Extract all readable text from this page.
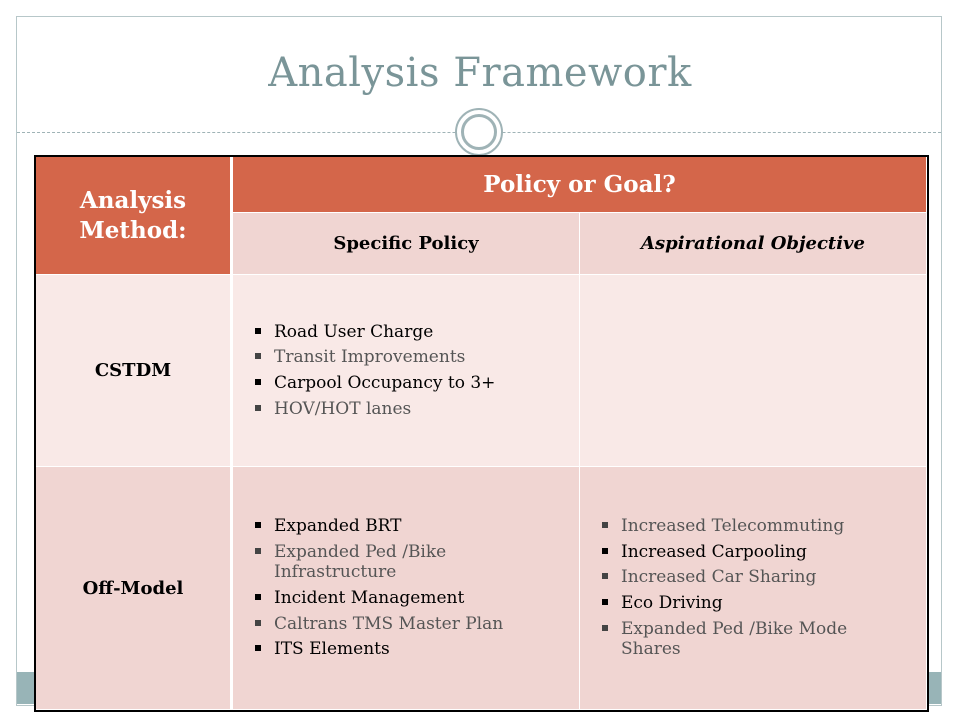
Analysis Framework
Analysis Method:
Policy or Goal?
Specific Policy	Aspirational Objective
CSTDM
Road User Charge
Transit Improvements
Carpool Occupancy to 3+
HOV/HOT lanes
Off-Model
Expanded BRT
Expanded Ped /Bike Infrastructure
Incident Management
Caltrans TMS Master Plan
ITS Elements
Increased Telecommuting
Increased Carpooling
Increased Car Sharing
Eco Driving
Expanded Ped /Bike Mode Shares
